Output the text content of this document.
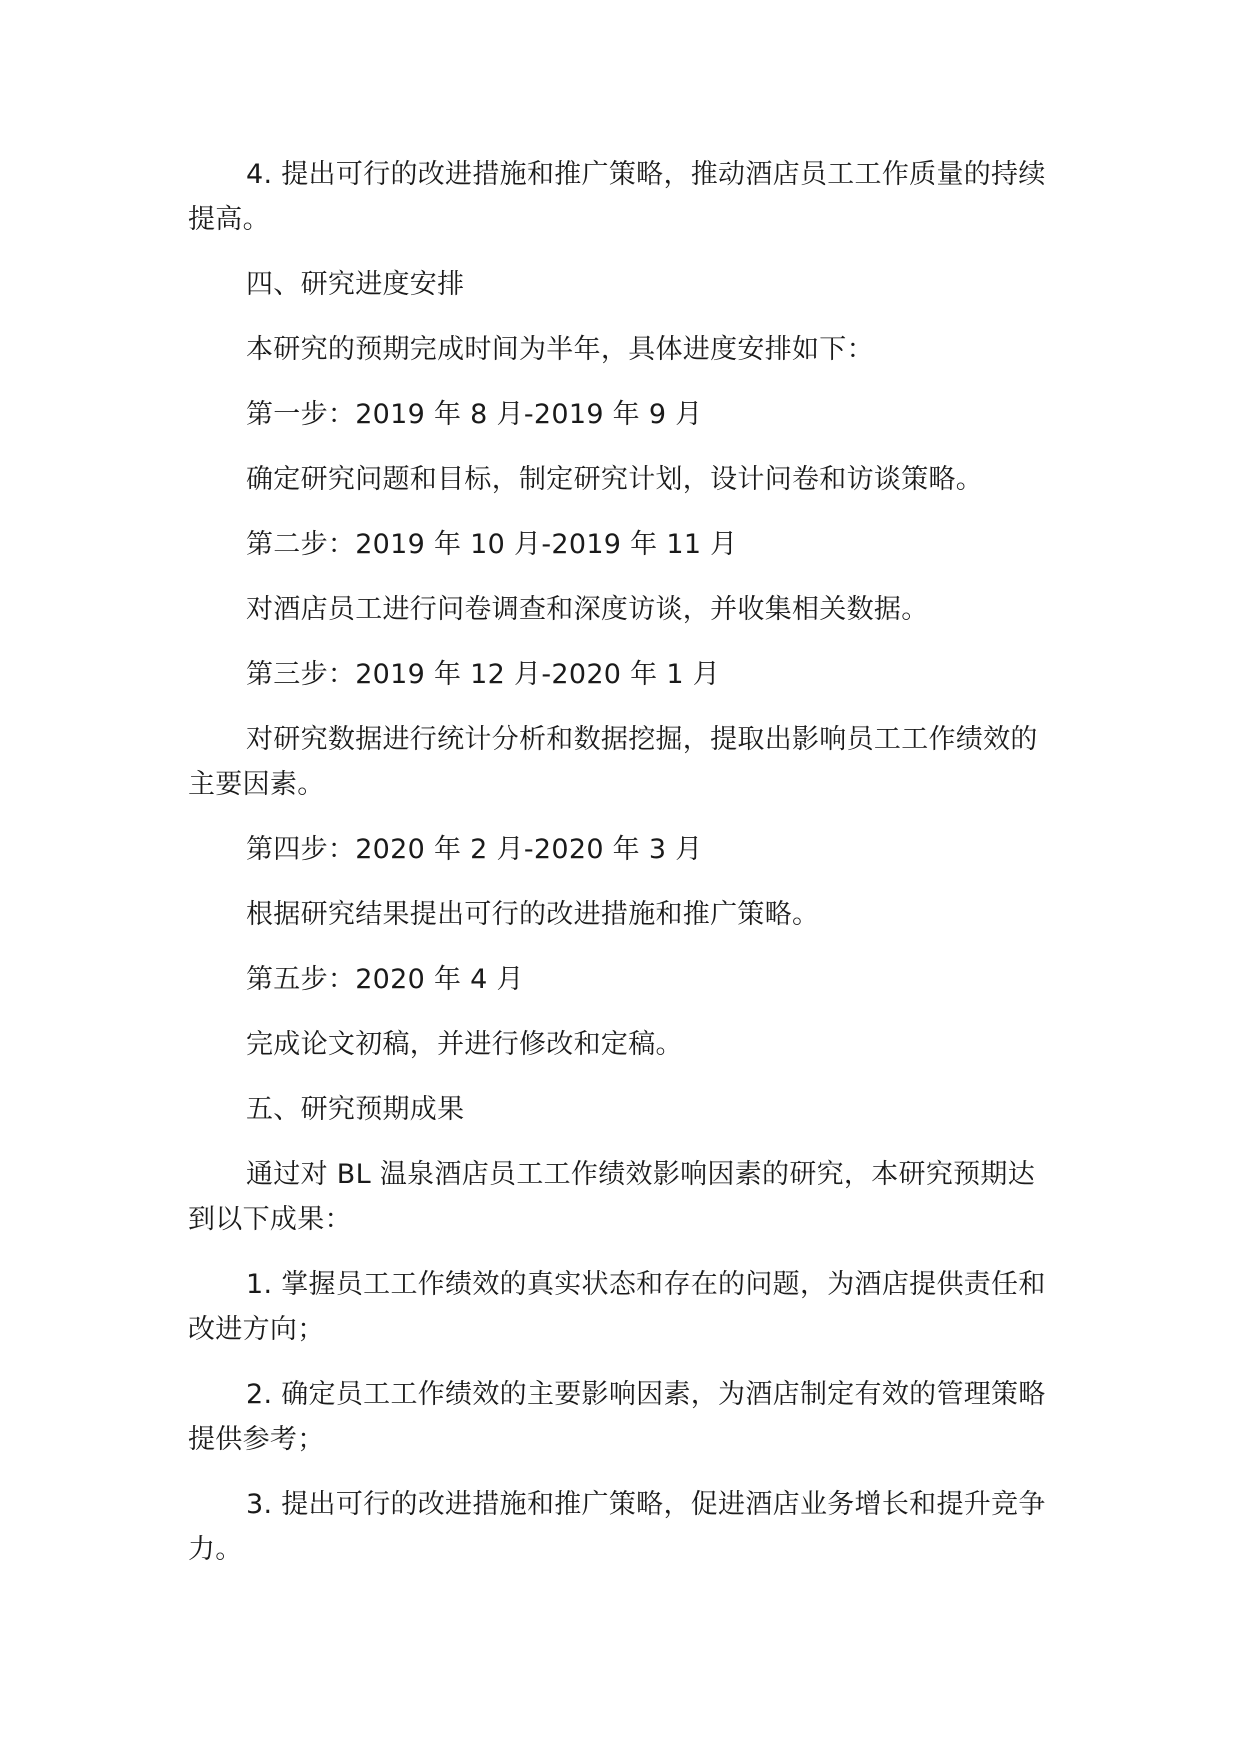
4. 提出可行的改进措施和推广策略，推动酒店员工工作质量的持续提高。

四、研究进度安排

本研究的预期完成时间为半年，具体进度安排如下：

第一步：2019 年 8 月-2019 年 9 月

确定研究问题和目标，制定研究计划，设计问卷和访谈策略。

第二步：2019 年 10 月-2019 年 11 月

对酒店员工进行问卷调查和深度访谈，并收集相关数据。

第三步：2019 年 12 月-2020 年 1 月

对研究数据进行统计分析和数据挖掘，提取出影响员工工作绩效的主要因素。

第四步：2020 年 2 月-2020 年 3 月

根据研究结果提出可行的改进措施和推广策略。

第五步：2020 年 4 月

完成论文初稿，并进行修改和定稿。

五、研究预期成果

通过对 BL 温泉酒店员工工作绩效影响因素的研究，本研究预期达到以下成果：

1. 掌握员工工作绩效的真实状态和存在的问题，为酒店提供责任和改进方向；

2. 确定员工工作绩效的主要影响因素，为酒店制定有效的管理策略提供参考；

3. 提出可行的改进措施和推广策略，促进酒店业务增长和提升竞争力。
